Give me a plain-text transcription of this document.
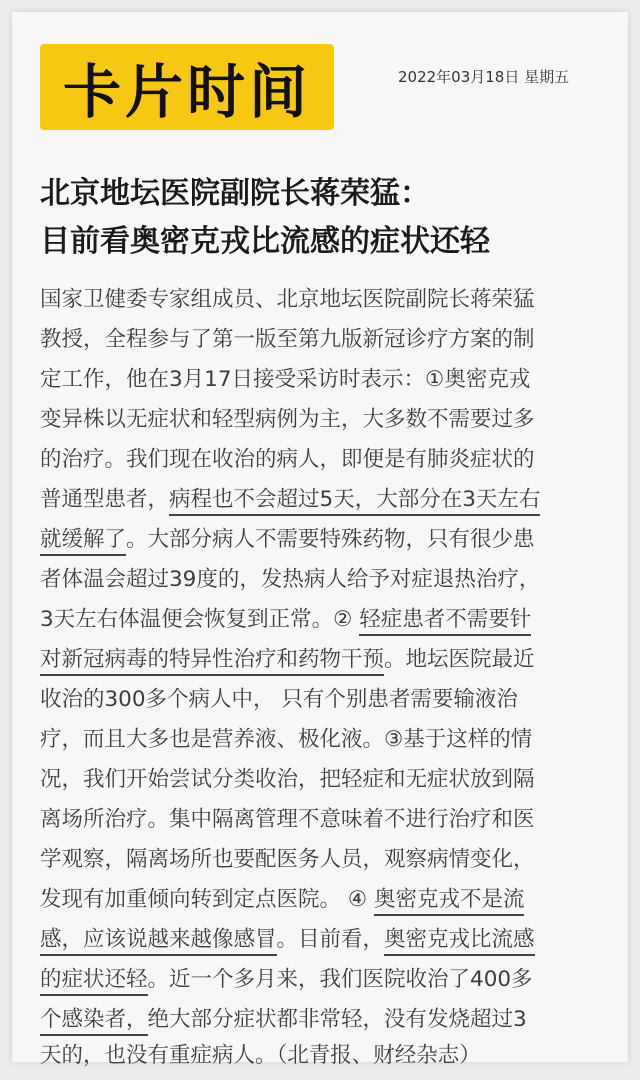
卡片时间	2022年03月18日 星期五
北京地坛医院副院长蒋荣猛：
目前看奥密克戎比流感的症状还轻
国家卫健委专家组成员、北京地坛医院副院长蒋荣猛
教授，全程参与了第一版至第九版新冠诊疗方案的制
定工作，他在3月17日接受采访时表示：①奥密克戎
变异株以无症状和轻型病例为主，大多数不需要过多
的治疗。我们现在收治的病人，即便是有肺炎症状的
普通型患者，病程也不会超过5天，大部分在3天左右
就缓解了。大部分病人不需要特殊药物，只有很少患
者体温会超过39度的，发热病人给予对症退热治疗，
3天左右体温便会恢复到正常。② 轻症患者不需要针
对新冠病毒的特异性治疗和药物干预。地坛医院最近
收治的300多个病人中， 只有个别患者需要输液治
疗，而且大多也是营养液、极化液。③基于这样的情
况，我们开始尝试分类收治，把轻症和无症状放到隔
离场所治疗。集中隔离管理不意味着不进行治疗和医
学观察，隔离场所也要配医务人员，观察病情变化，
发现有加重倾向转到定点医院。 ④ 奥密克戎不是流
感，应该说越来越像感冒。目前看，奥密克戎比流感
的症状还轻。近一个多月来，我们医院收治了400多
个感染者，绝大部分症状都非常轻，没有发烧超过3
天的，也没有重症病人。（北青报、财经杂志）
